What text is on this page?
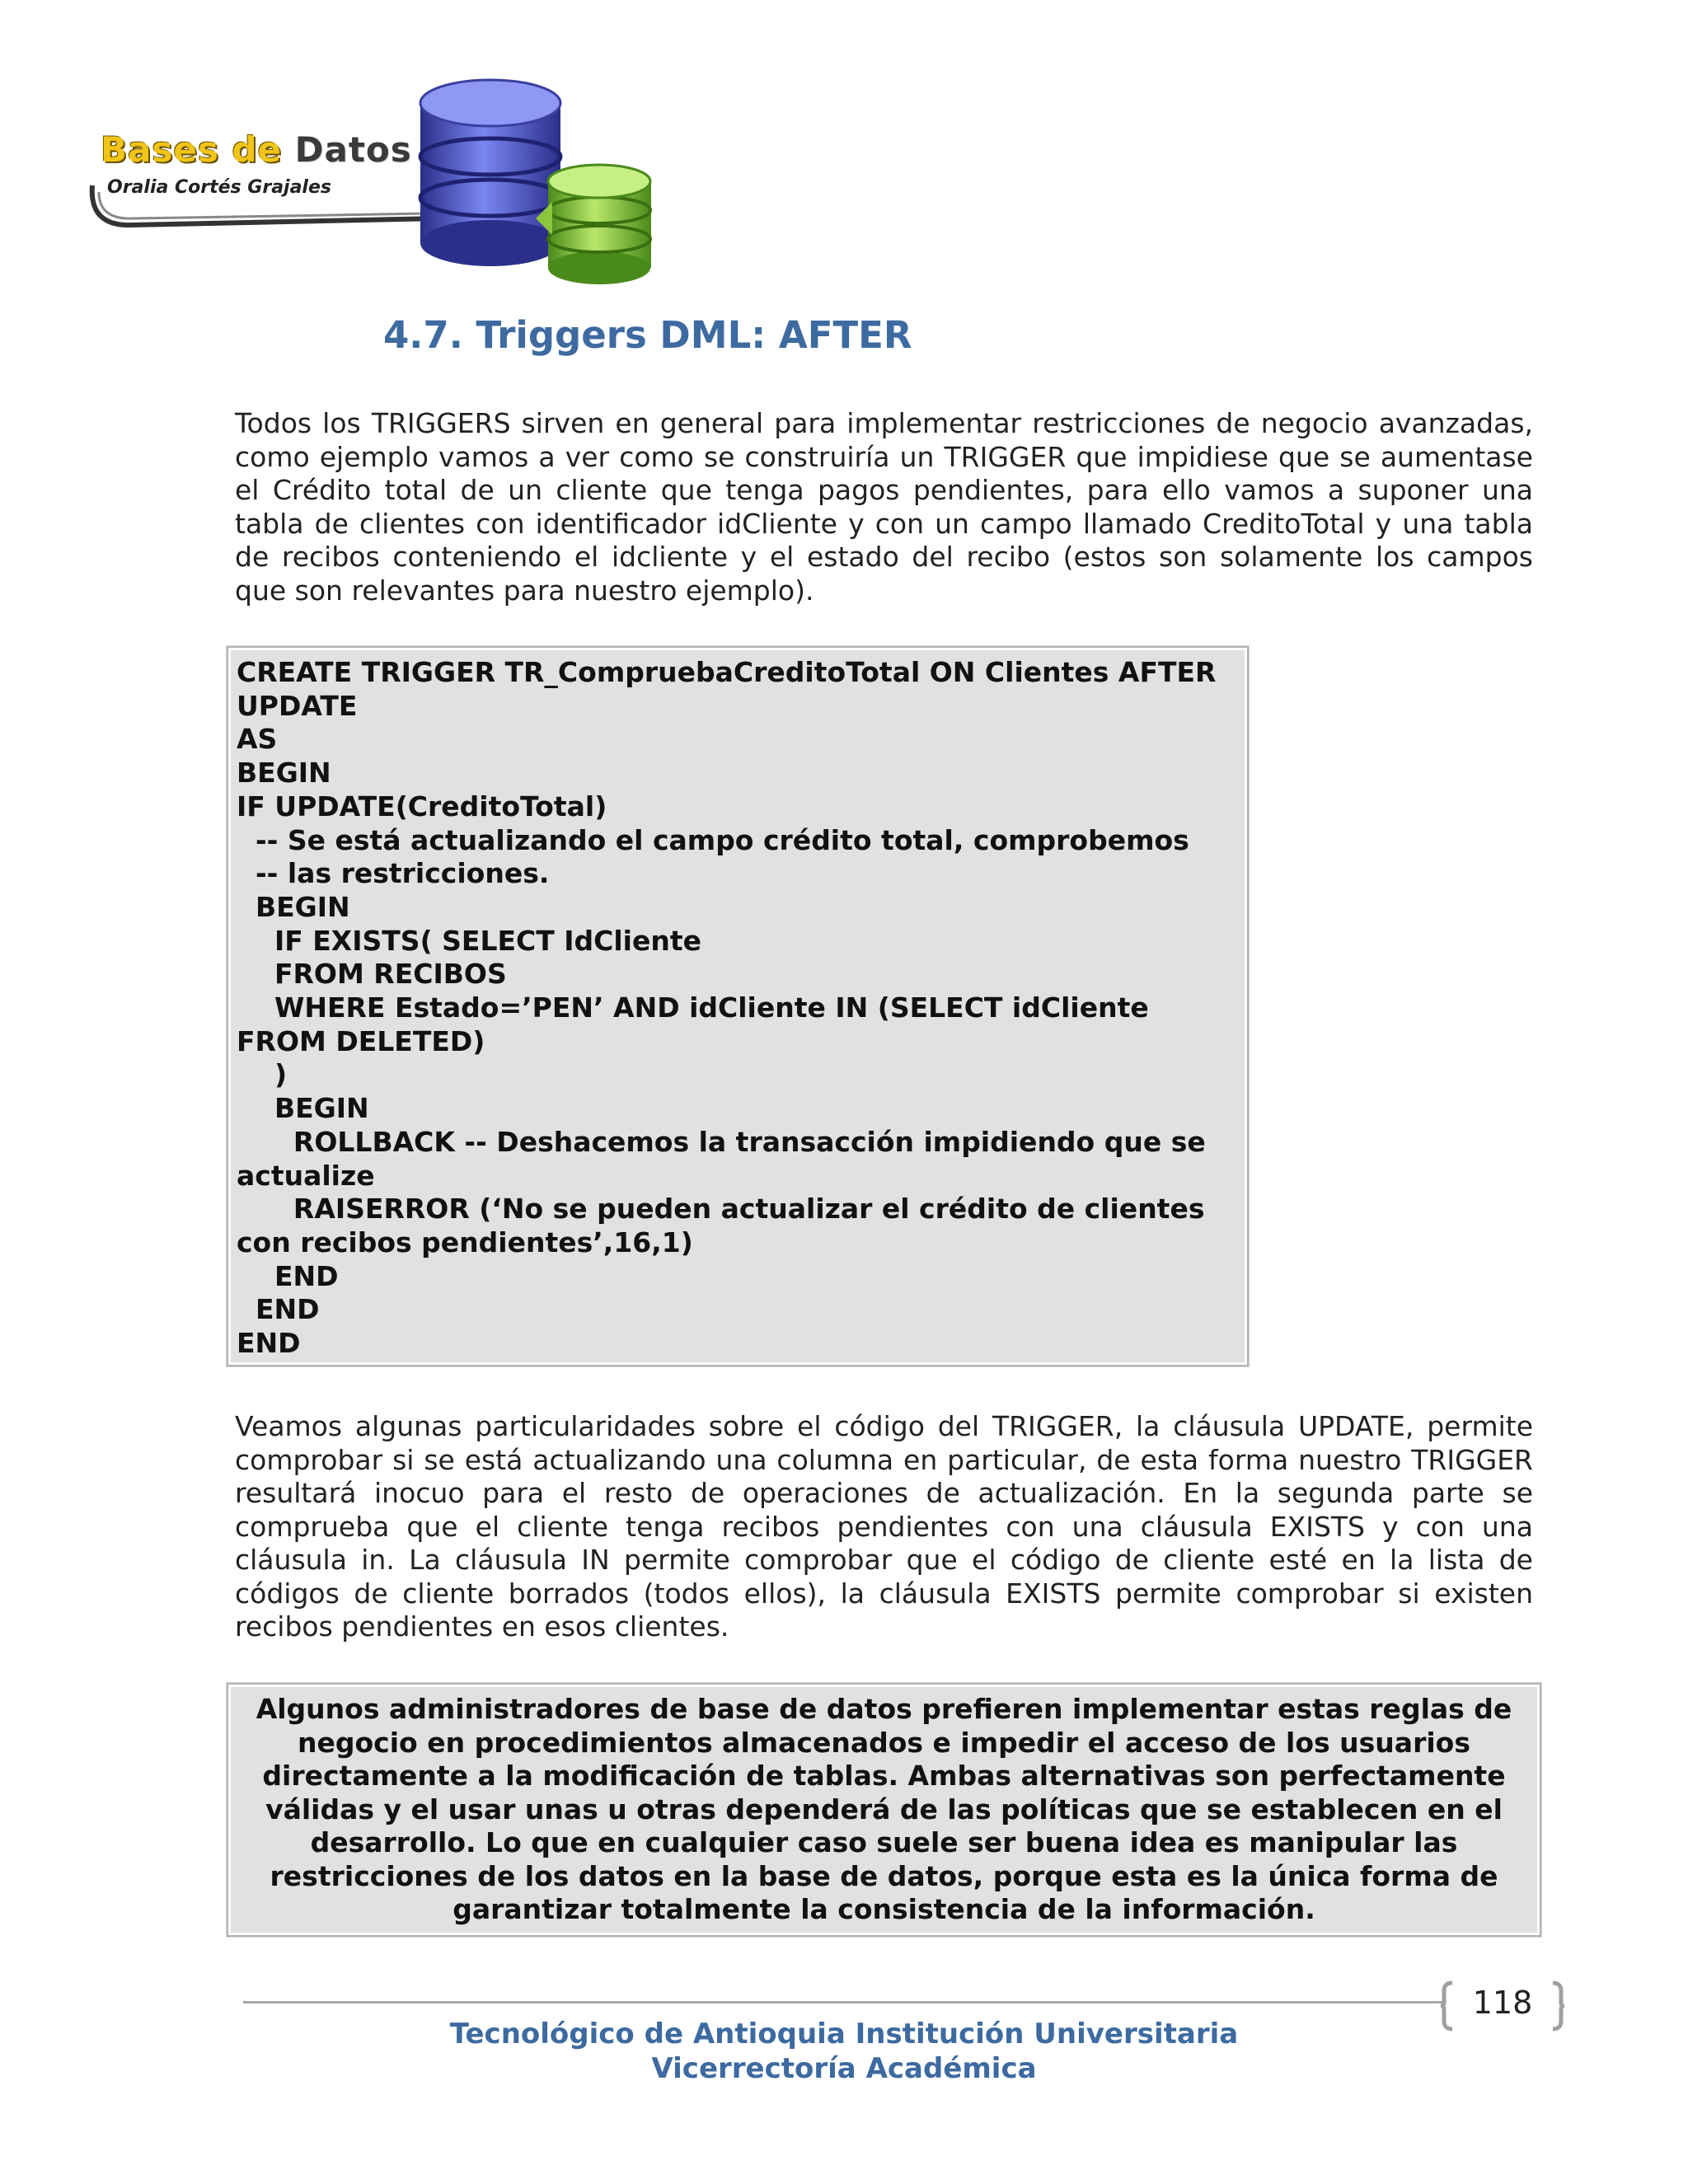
Bases de Datos
Oralia Cortés Grajales
4.7. Triggers DML: AFTER

Todos los TRIGGERS sirven en general para implementar restricciones de negocio avanzadas, como ejemplo vamos a ver como se construiría un TRIGGER que impidiese que se aumentase el Crédito total de un cliente que tenga pagos pendientes, para ello vamos a suponer una tabla de clientes con identificador idCliente y con un campo llamado CreditoTotal y una tabla de recibos conteniendo el idcliente y el estado del recibo (estos son solamente los campos que son relevantes para nuestro ejemplo).

CREATE TRIGGER TR_CompruebaCreditoTotal ON Clientes AFTER
UPDATE
AS
BEGIN
IF UPDATE(CreditoTotal)
-- Se está actualizando el campo crédito total, comprobemos
-- las restricciones.
BEGIN
IF EXISTS( SELECT IdCliente
FROM RECIBOS
WHERE Estado=’PEN’ AND idCliente IN (SELECT idCliente
FROM DELETED)
)
BEGIN
ROLLBACK -- Deshacemos la transacción impidiendo que se
actualize
RAISERROR (‘No se pueden actualizar el crédito de clientes
con recibos pendientes’,16,1)
END
END
END

Veamos algunas particularidades sobre el código del TRIGGER, la cláusula UPDATE, permite comprobar si se está actualizando una columna en particular, de esta forma nuestro TRIGGER resultará inocuo para el resto de operaciones de actualización. En la segunda parte se comprueba que el cliente tenga recibos pendientes con una cláusula EXISTS y con una cláusula in. La cláusula IN permite comprobar que el código de cliente esté en la lista de códigos de cliente borrados (todos ellos), la cláusula EXISTS permite comprobar si existen recibos pendientes en esos clientes.

Algunos administradores de base de datos prefieren implementar estas reglas de negocio en procedimientos almacenados e impedir el acceso de los usuarios directamente a la modificación de tablas. Ambas alternativas son perfectamente válidas y el usar unas u otras dependerá de las políticas que se establecen en el desarrollo. Lo que en cualquier caso suele ser buena idea es manipular las restricciones de los datos en la base de datos, porque esta es la única forma de garantizar totalmente la consistencia de la información.

118

Tecnológico de Antioquia Institución Universitaria

Vicerrectoría Académica
